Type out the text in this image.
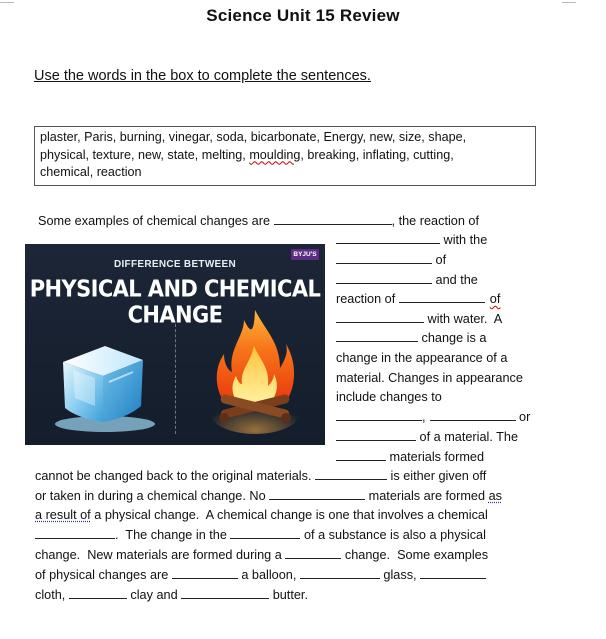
Science Unit 15 Review
Use the words in the box to complete the sentences.
plaster, Paris, burning, vinegar, soda, bicarbonate, Energy, new, size, shape,
physical, texture, new, state, melting, moulding, breaking, inflating, cutting,
chemical, reaction
BYJU'S
DIFFERENCE BETWEEN
PHYSICAL AND CHEMICAL CHANGE
Some examples of chemical changes are	, the reaction of
with the
of
and the
reaction of	of
with water.  A
change is a
change in the appearance of a
material. Changes in appearance
include changes to
,	or
of a material. The
materials formed
cannot be changed back to the original materials.	is either given off
or taken in during a chemical change. No	materials are formed as
a result of a physical change.  A chemical change is one that involves a chemical
.  The change in the	of a substance is also a physical
change.  New materials are formed during a	change.  Some examples
of physical changes are	a balloon,	glass,
cloth,	clay and	butter.
